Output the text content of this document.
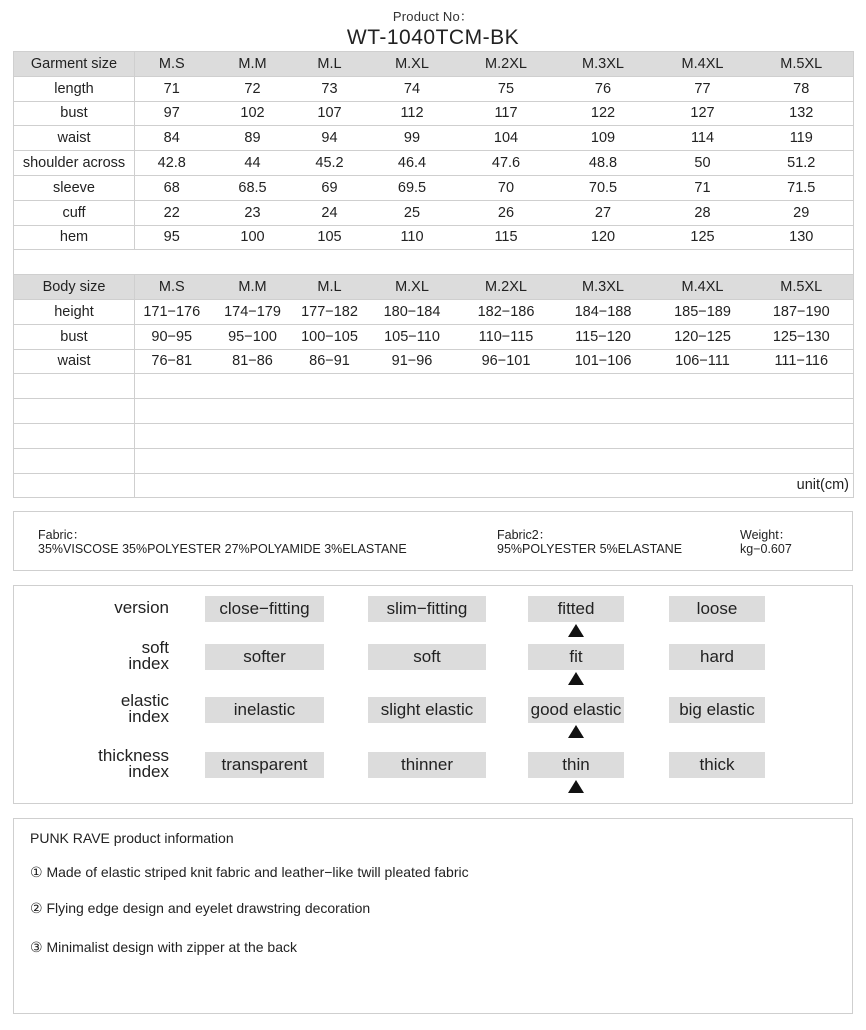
Product No：
WT-1040TCM-BK
Garment size	M.S	M.M	M.L	M.XL	M.2XL	M.3XL	M.4XL	M.5XL
length	71	72	73	74	75	76	77	78
bust	97	102	107	112	117	122	127	132
waist	84	89	94	99	104	109	114	119
shoulder across	42.8	44	45.2	46.4	47.6	48.8	50	51.2
sleeve	68	68.5	69	69.5	70	70.5	71	71.5
cuff	22	23	24	25	26	27	28	29
hem	95	100	105	110	115	120	125	130

Body size	M.S	M.M	M.L	M.XL	M.2XL	M.3XL	M.4XL	M.5XL
height	171−176	174−179	177−182	180−184	182−186	184−188	185−189	187−190
bust	90−95	95−100	100−105	105−110	110−115	115−120	120−125	125−130
waist	76−81	81−86	86−91	91−96	96−101	101−106	106−111	111−116

	unit(cm)							
Fabric：
35%VISCOSE 35%POLYESTER 27%POLYAMIDE 3%ELASTANE
Fabric2：
95%POLYESTER 5%ELASTANE
Weight：
kg−0.607
version	close−fitting	slim−fitting	fitted	loose
soft
index	softer	soft	fit	hard
elastic
index	inelastic	slight elastic	good elastic	big elastic
thickness
index	transparent	thinner	thin	thick
PUNK RAVE product information
① Made of elastic striped knit fabric and leather−like twill pleated fabric
② Flying edge design and eyelet drawstring decoration
③ Minimalist design with zipper at the back
